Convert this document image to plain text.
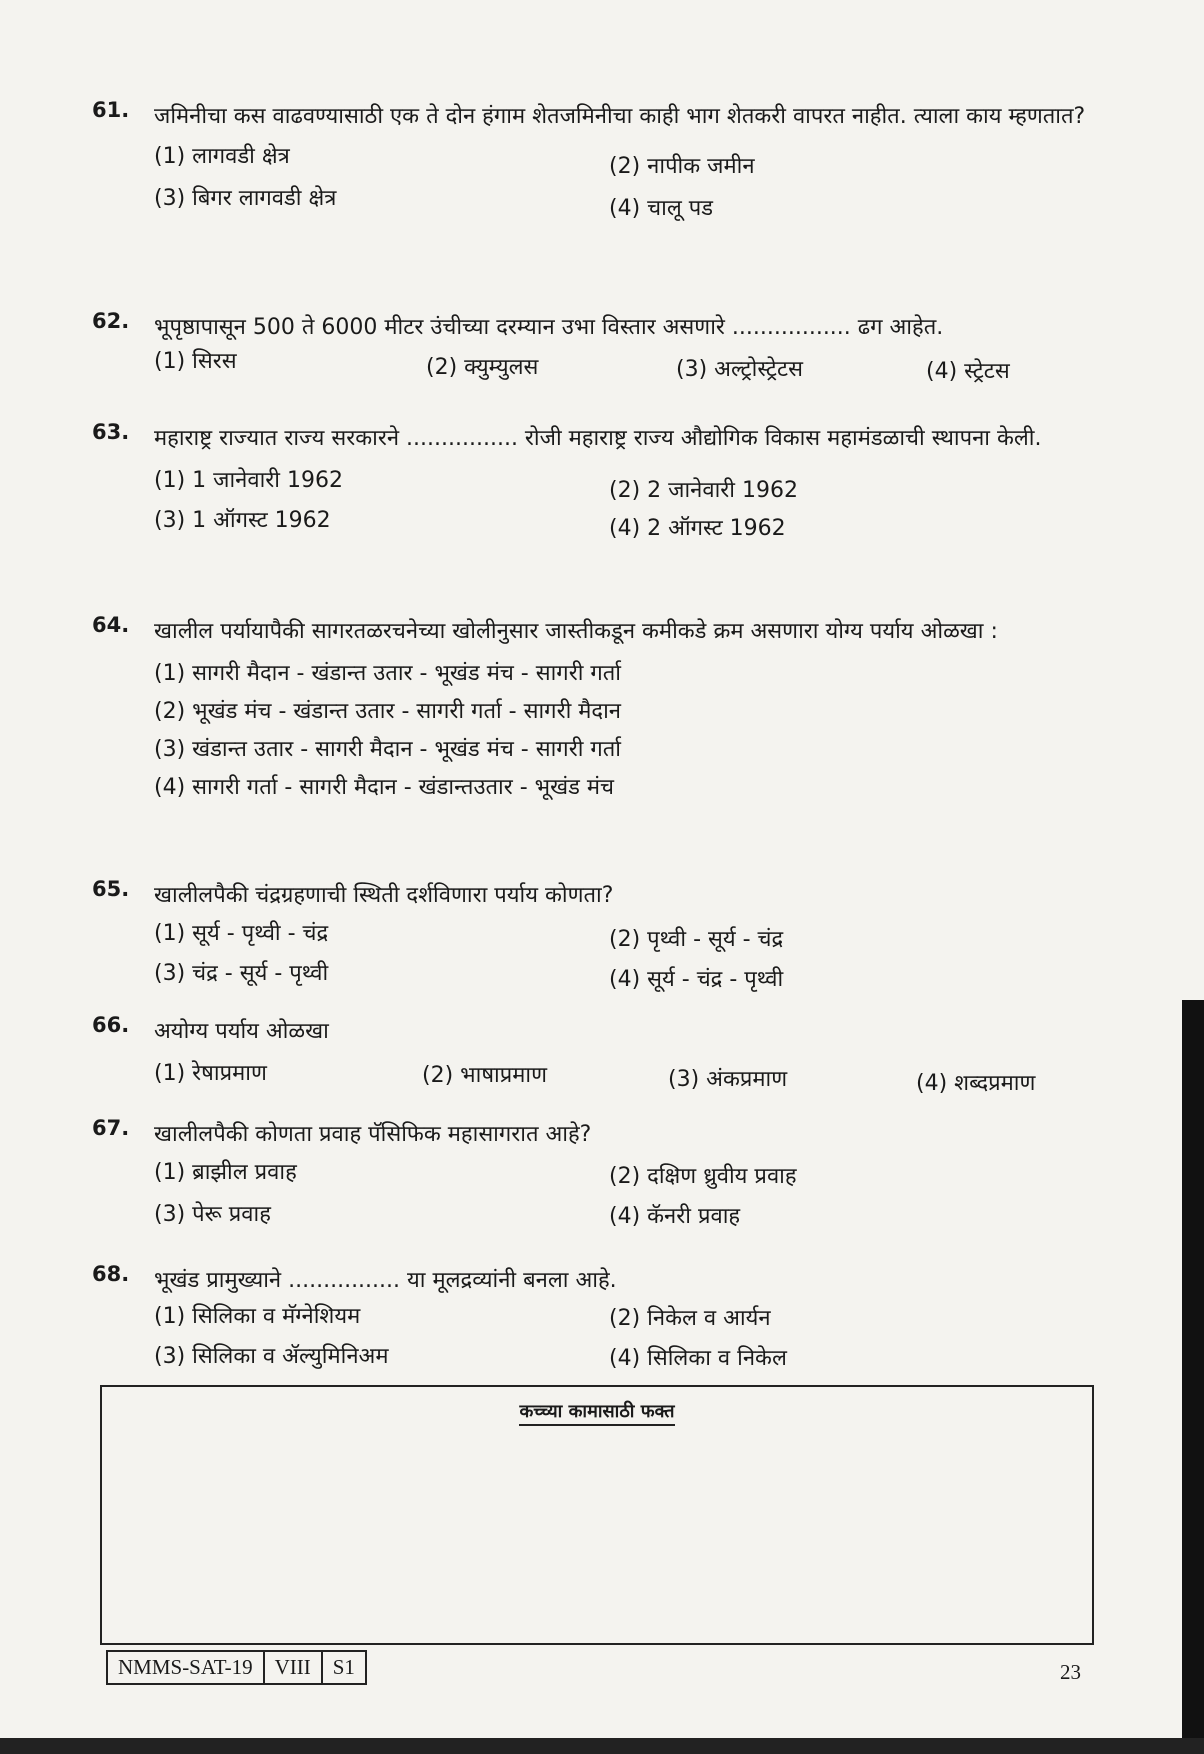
61. जमिनीचा कस वाढवण्यासाठी एक ते दोन हंगाम शेतजमिनीचा काही भाग शेतकरी वापरत नाहीत. त्याला काय म्हणतात?
(1) लागवडी क्षेत्र	(2) नापीक जमीन
(3) बिगर लागवडी क्षेत्र	(4) चालू पड
62. भूपृष्ठापासून 500 ते 6000 मीटर उंचीच्या दरम्यान उभा विस्तार असणारे ................. ढग आहेत.
(1) सिरस	(2) क्युम्युलस	(3) अल्ट्रोस्ट्रेटस	(4) स्ट्रेटस
63. महाराष्ट्र राज्यात राज्य सरकारने ................ रोजी महाराष्ट्र राज्य औद्योगिक विकास महामंडळाची स्थापना केली.
(1) 1 जानेवारी 1962	(2) 2 जानेवारी 1962
(3) 1 ऑगस्ट 1962	(4) 2 ऑगस्ट 1962
64. खालील पर्यायापैकी सागरतळरचनेच्या खोलीनुसार जास्तीकडून कमीकडे क्रम असणारा योग्य पर्याय ओळखा :
(1) सागरी मैदान - खंडान्त उतार - भूखंड मंच - सागरी गर्ता
(2) भूखंड मंच - खंडान्त उतार - सागरी गर्ता - सागरी मैदान
(3) खंडान्त उतार - सागरी मैदान - भूखंड मंच - सागरी गर्ता
(4) सागरी गर्ता - सागरी मैदान - खंडान्तउतार - भूखंड मंच
65. खालीलपैकी चंद्रग्रहणाची स्थिती दर्शविणारा पर्याय कोणता?
(1) सूर्य - पृथ्वी - चंद्र	(2) पृथ्वी - सूर्य - चंद्र
(3) चंद्र - सूर्य - पृथ्वी	(4) सूर्य - चंद्र - पृथ्वी
66. अयोग्य पर्याय ओळखा
(1) रेषाप्रमाण	(2) भाषाप्रमाण	(3) अंकप्रमाण	(4) शब्दप्रमाण
67. खालीलपैकी कोणता प्रवाह पॅसिफिक महासागरात आहे?
(1) ब्राझील प्रवाह	(2) दक्षिण ध्रुवीय प्रवाह
(3) पेरू प्रवाह	(4) कॅनरी प्रवाह
68. भूखंड प्रामुख्याने ................ या मूलद्रव्यांनी बनला आहे.
(1) सिलिका व मॅग्नेशियम	(2) निकेल व आर्यन
(3) सिलिका व ॲल्युमिनिअम	(4) सिलिका व निकेल
कच्च्या कामासाठी फक्त
NMMS-SAT-19	VIII	S1	23
